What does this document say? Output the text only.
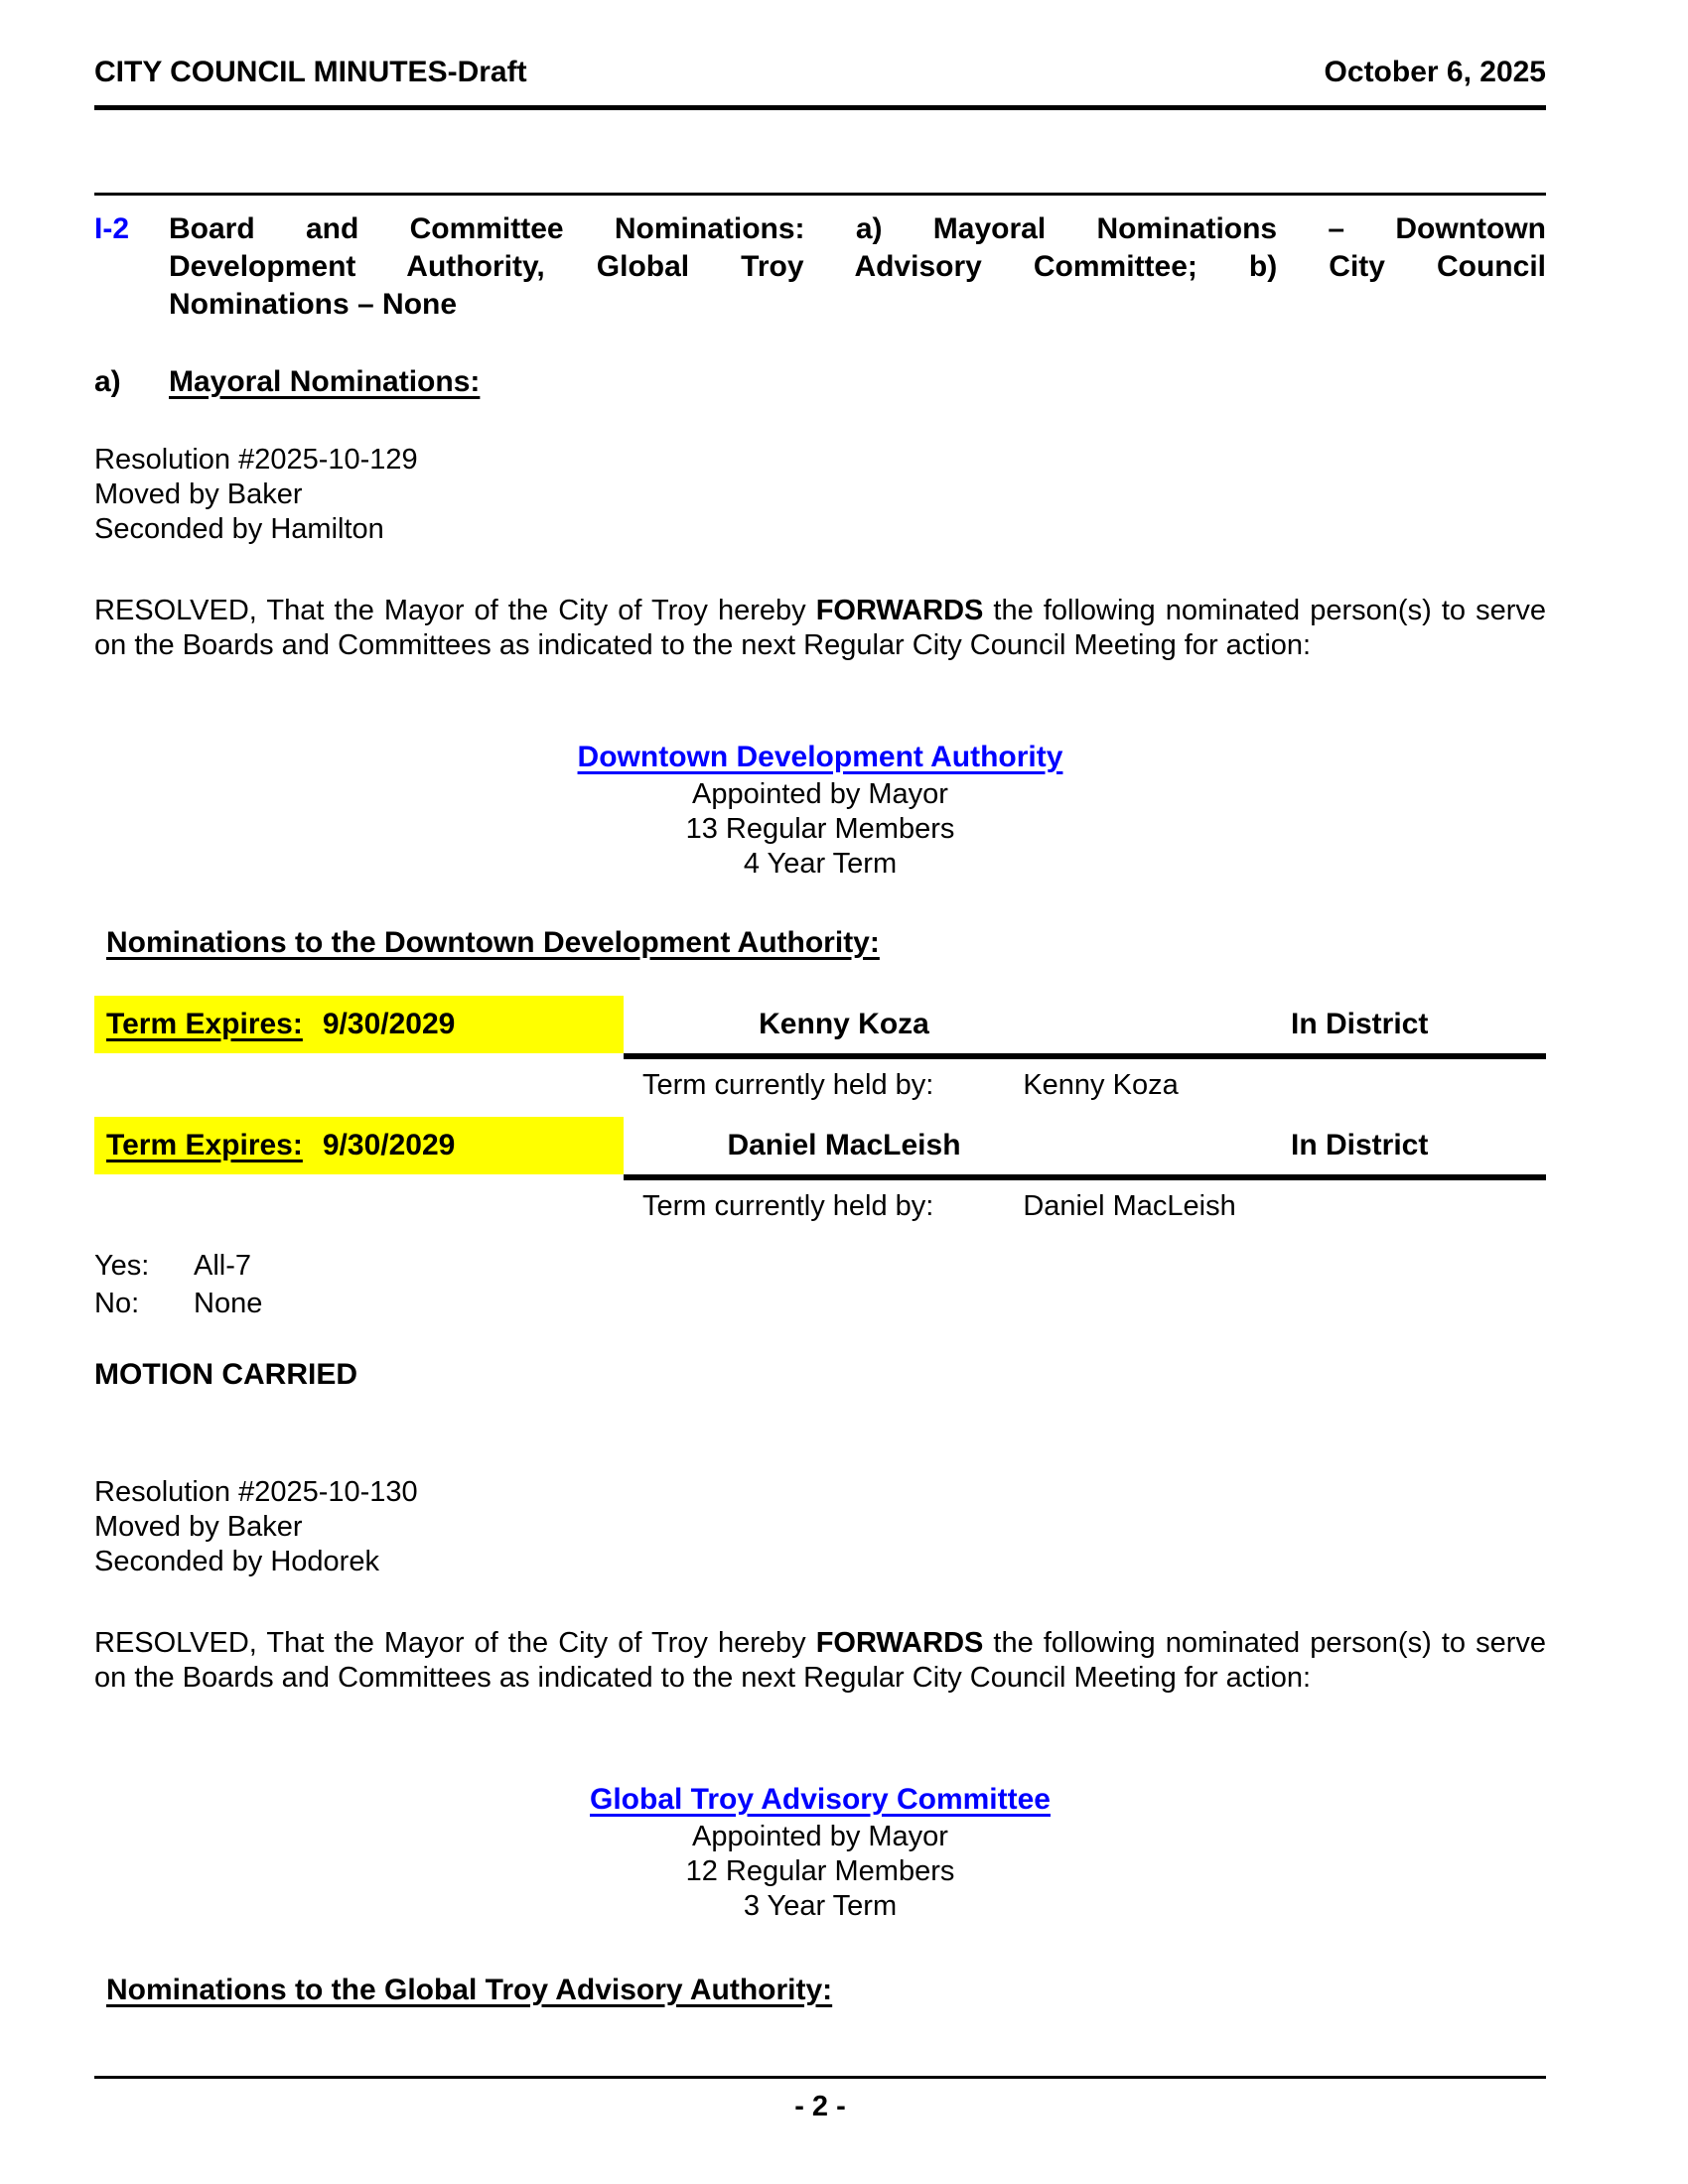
CITY COUNCIL MINUTES-Draft	October 6, 2025
I-2	Board and Committee Nominations: a) Mayoral Nominations – Downtown
Development Authority, Global Troy Advisory Committee; b) City Council
Nominations – None
a)	Mayoral Nominations:
Resolution #2025-10-129
Moved by Baker
Seconded by Hamilton
RESOLVED, That the Mayor of the City of Troy hereby FORWARDS the following nominated person(s) to serve on the Boards and Committees as indicated to the next Regular City Council Meeting for action:
Downtown Development Authority
Appointed by Mayor
13 Regular Members
4 Year Term
Nominations to the Downtown Development Authority:
Term Expires: 9/30/2029	Kenny Koza	In District
Term currently held by:	Kenny Koza
Term Expires: 9/30/2029	Daniel MacLeish	In District
Term currently held by:	Daniel MacLeish
Yes: All-7
No: None
MOTION CARRIED
Resolution #2025-10-130
Moved by Baker
Seconded by Hodorek
RESOLVED, That the Mayor of the City of Troy hereby FORWARDS the following nominated person(s) to serve on the Boards and Committees as indicated to the next Regular City Council Meeting for action:
Global Troy Advisory Committee
Appointed by Mayor
12 Regular Members
3 Year Term
Nominations to the Global Troy Advisory Authority:
- 2 -
